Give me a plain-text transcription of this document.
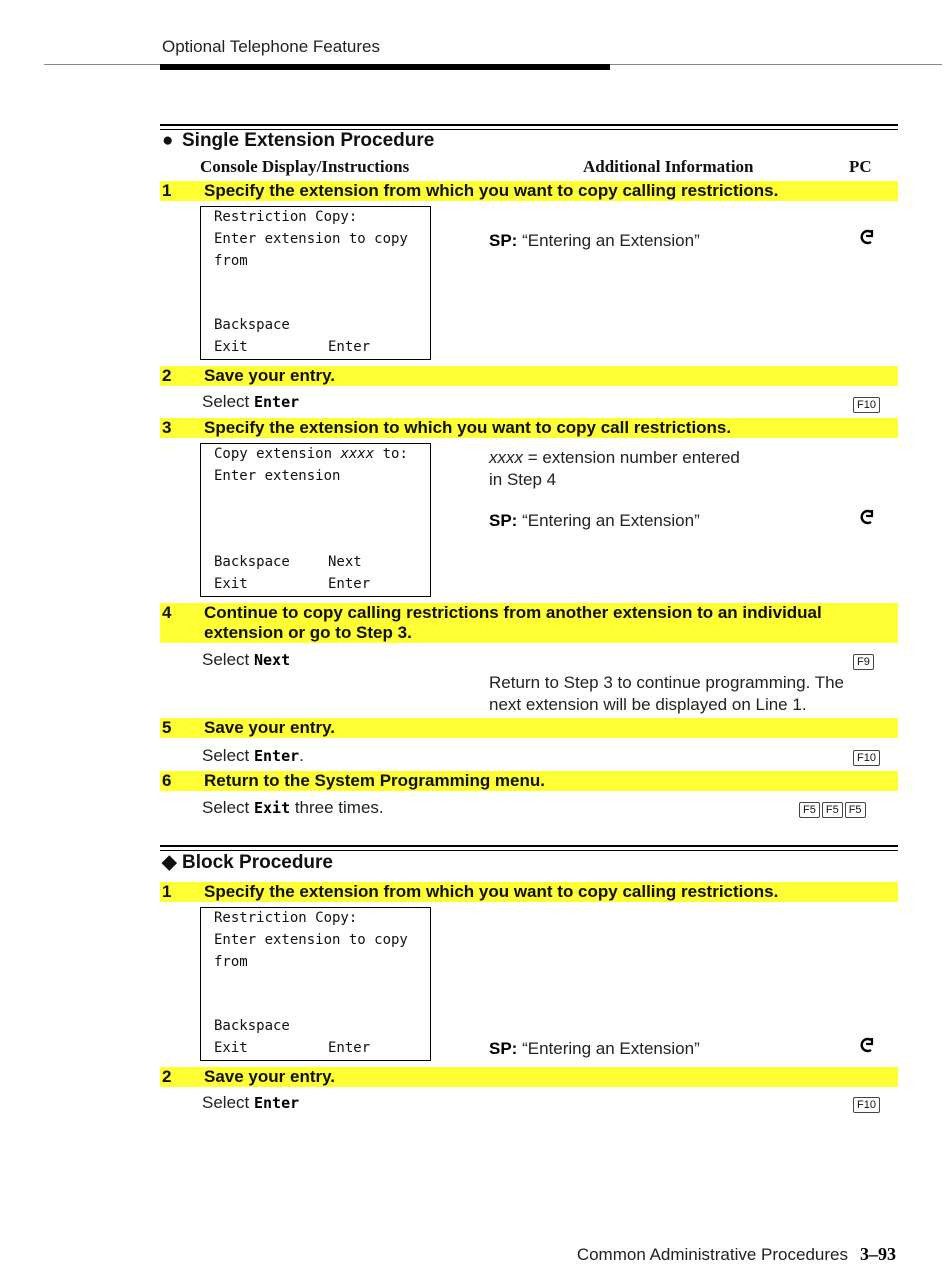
Optional Telephone Features
● Single Extension Procedure
Console Display/Instructions	Additional Information	PC
1 Specify the extension from which you want to copy calling restrictions.
Restriction Copy:
Enter extension to copy
from
Backspace
Exit	Enter
SP: “Entering an Extension”
2 Save your entry.
Select Enter	F10
3 Specify the extension to which you want to copy call restrictions.
Copy extension xxxx to:
Enter extension
Backspace	Next
Exit	Enter
xxxx = extension number entered
in Step 4
SP: “Entering an Extension”
4 Continue to copy calling restrictions from another extension to an individual extension or go to Step 3.
Select Next	F9
Return to Step 3 to continue programming. The
next extension will be displayed on Line 1.
5 Save your entry.
Select Enter.	F10
6 Return to the System Programming menu.
Select Exit three times.	F5 F5 F5
◆ Block Procedure
1 Specify the extension from which you want to copy calling restrictions.
Restriction Copy:
Enter extension to copy
from
Backspace
Exit	Enter	SP: “Entering an Extension”
2 Save your entry.
Select Enter	F10
Common Administrative Procedures 3–93
